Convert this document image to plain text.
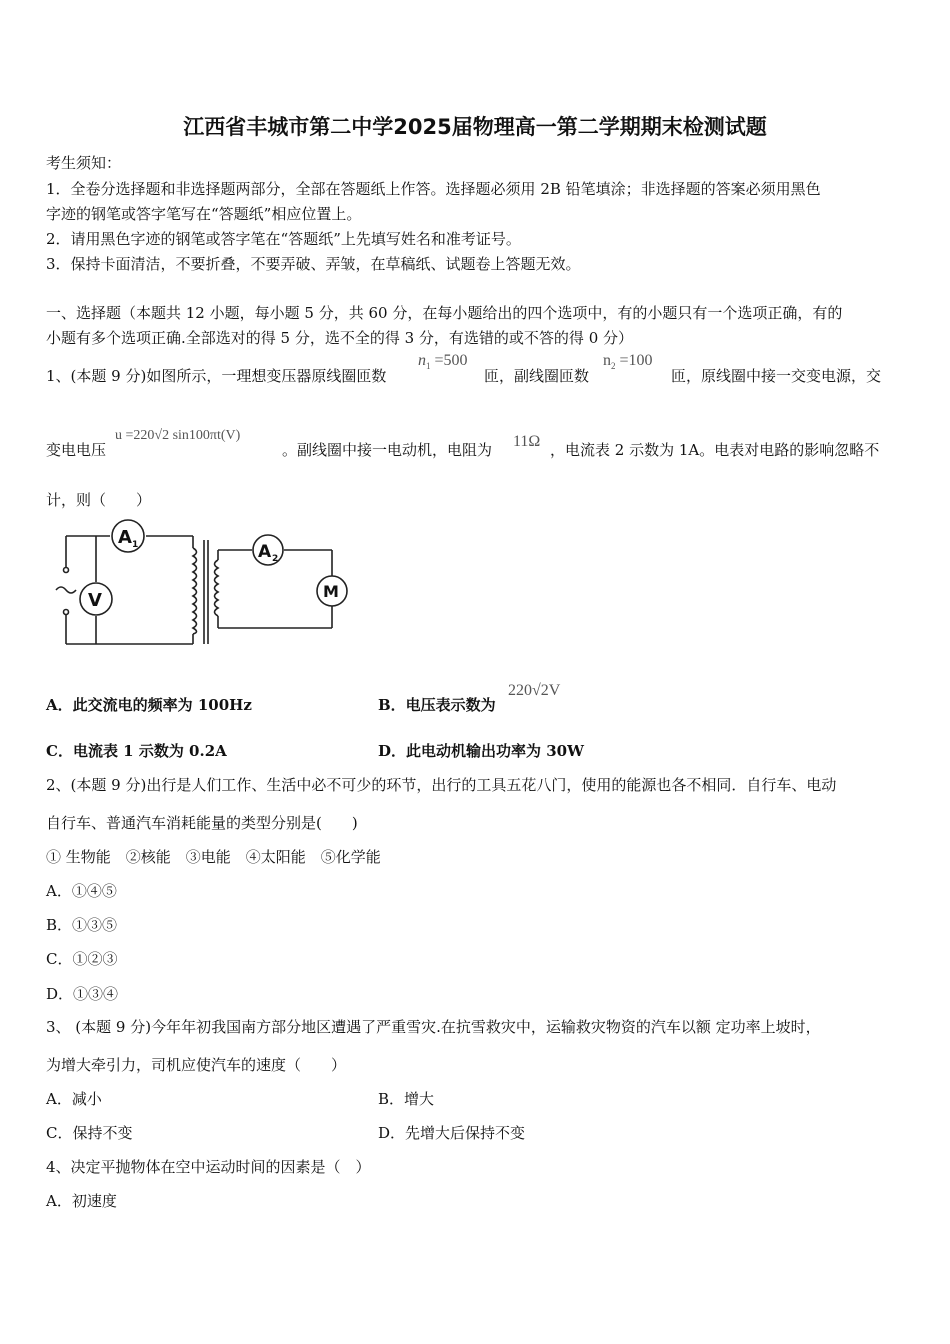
江西省丰城市第二中学2025届物理高一第二学期期末检测试题
考生须知：
1．全卷分选择题和非选择题两部分，全部在答题纸上作答。选择题必须用 2B 铅笔填涂；非选择题的答案必须用黑色
字迹的钢笔或答字笔写在“答题纸”相应位置上。
2．请用黑色字迹的钢笔或答字笔在“答题纸”上先填写姓名和准考证号。
3．保持卡面清洁，不要折叠，不要弄破、弄皱，在草稿纸、试题卷上答题无效。
一、选择题（本题共 12 小题，每小题 5 分，共 60 分，在每小题给出的四个选项中，有的小题只有一个选项正确，有的
小题有多个选项正确.全部选对的得 5 分，选不全的得 3 分，有选错的或不答的得 0 分）
1、(本题 9 分)如图所示，一理想变压器原线圈匝数
$n_1 =500$
匝，副线圈匝数
$n_2 =100$
匝，原线圈中接一交变电源，交
变电电压
u =220√2 sin100πt(V)
。副线圈中接一电动机，电阻为 11Ω ，电流表 2 示数为 1A。电表对电路的影响忽略不
计，则（　　）
A 1
V
A 2
M
A．此交流电的频率为 100Hz	B．电压表示数为
220√2V
C．电流表 1 示数为 0.2A	D．此电动机输出功率为 30W
2、(本题 9 分)出行是人们工作、生活中必不可少的环节，出行的工具五花八门，使用的能源也各不相同．自行车、电动
自行车、普通汽车消耗能量的类型分别是(　　)
① 生物能　②核能　③电能　④太阳能　⑤化学能
A．①④⑤
B．①③⑤
C．①②③
D．①③④
3、 (本题 9 分)今年年初我国南方部分地区遭遇了严重雪灾.在抗雪救灾中，运输救灾物资的汽车以额 定功率上坡时，
为增大牵引力，司机应使汽车的速度（　　）
A．减小	B．增大
C．保持不变	D．先增大后保持不变
4、决定平抛物体在空中运动时间的因素是（　）
A．初速度
